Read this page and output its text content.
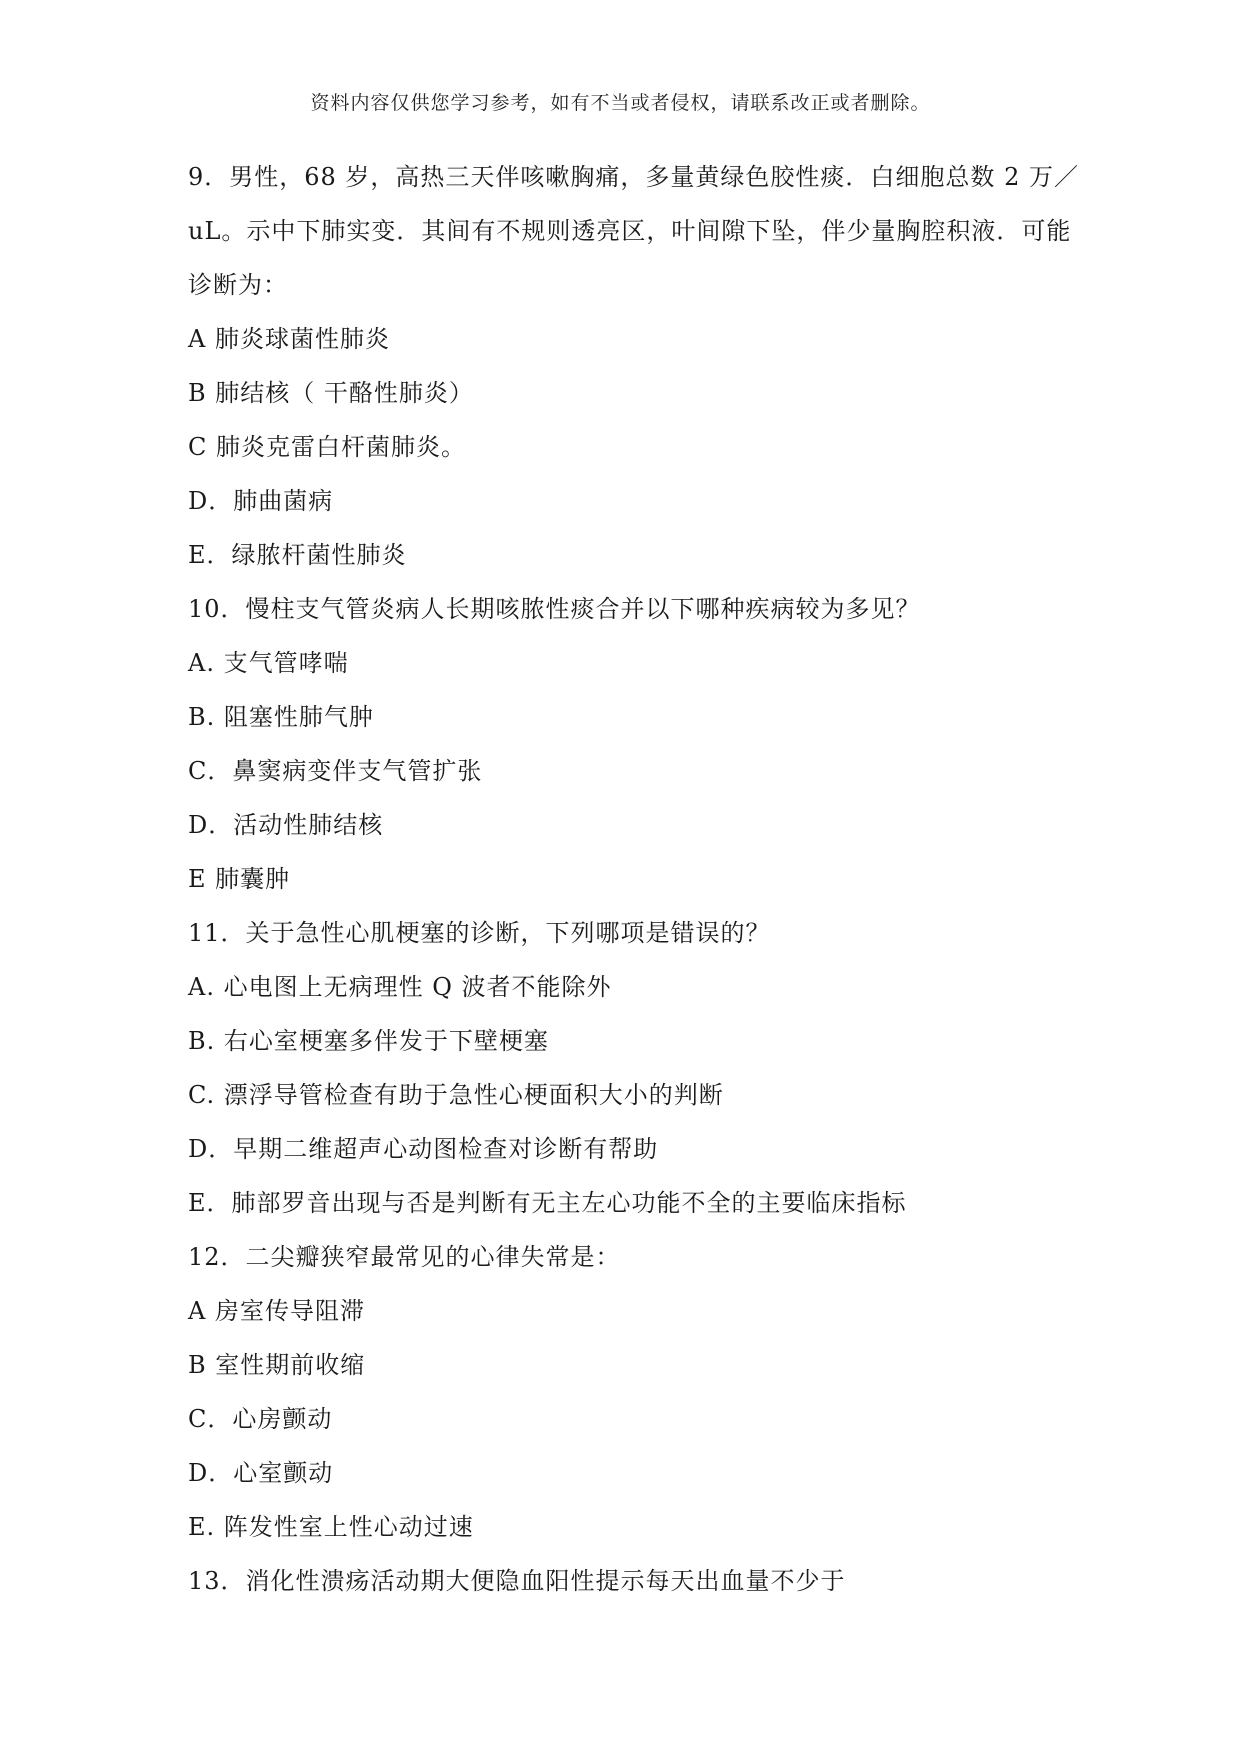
资料内容仅供您学习参考，如有不当或者侵权，请联系改正或者删除。
9．男性，68 岁，高热三天伴咳嗽胸痛，多量黄绿色胶性痰．白细胞总数 2 万／
uL。示中下肺实变．其间有不规则透亮区，叶间隙下坠，伴少量胸腔积液．可能
诊断为：
A 肺炎球菌性肺炎
B 肺结核（ 干酪性肺炎）
C 肺炎克雷白杆菌肺炎。
D．肺曲菌病
E．绿脓杆菌性肺炎
10．慢柱支气管炎病人长期咳脓性痰合并以下哪种疾病较为多见？
A. 支气管哮喘
B. 阻塞性肺气肿
C．鼻窦病变伴支气管扩张
D．活动性肺结核
E 肺囊肿
11．关于急性心肌梗塞的诊断，下列哪项是错误的？
A. 心电图上无病理性 Q 波者不能除外
B. 右心室梗塞多伴发于下壁梗塞
C. 漂浮导管检查有助于急性心梗面积大小的判断
D．早期二维超声心动图检查对诊断有帮助
E．肺部罗音出现与否是判断有无主左心功能不全的主要临床指标
12．二尖瓣狭窄最常见的心律失常是：
A 房室传导阻滞
B 室性期前收缩
C．心房颤动
D．心室颤动
E. 阵发性室上性心动过速
13．消化性溃疡活动期大便隐血阳性提示每天出血量不少于
